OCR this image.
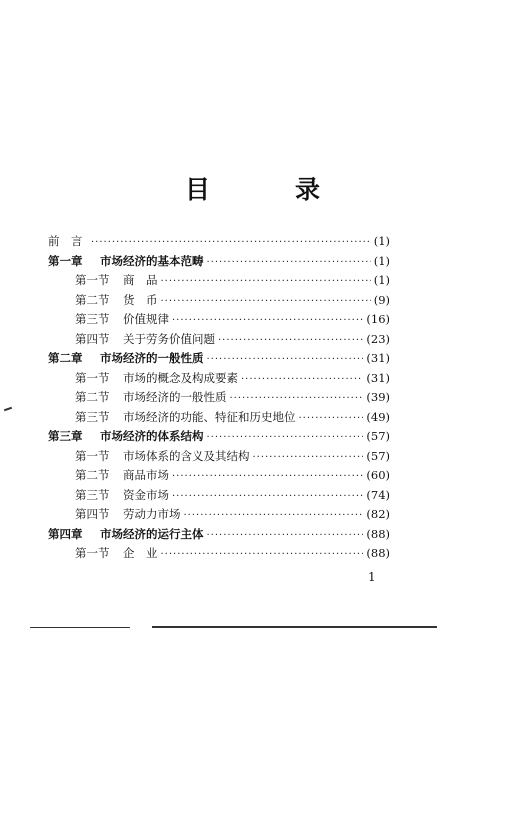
目　录
前　言 ·····	(1)
第一章	市场经济的基本范畴 ·····	(1)
第一节	商　品 ·····	(1)
第二节	货　币 ·····	(9)
第三节	价值规律 ·····	(16)
第四节	关于劳务价值问题 ·····	(23)
第二章	市场经济的一般性质 ·····	(31)
第一节	市场的概念及构成要素 ·····	(31)
第二节	市场经济的一般性质 ·····	(39)
第三节	市场经济的功能、特征和历史地位 ·····	(49)
第三章	市场经济的体系结构 ·····	(57)
第一节	市场体系的含义及其结构 ·····	(57)
第二节	商品市场 ·····	(60)
第三节	资金市场 ·····	(74)
第四节	劳动力市场 ·····	(82)
第四章	市场经济的运行主体 ·····	(88)
第一节	企　业 ·····	(88)
1
